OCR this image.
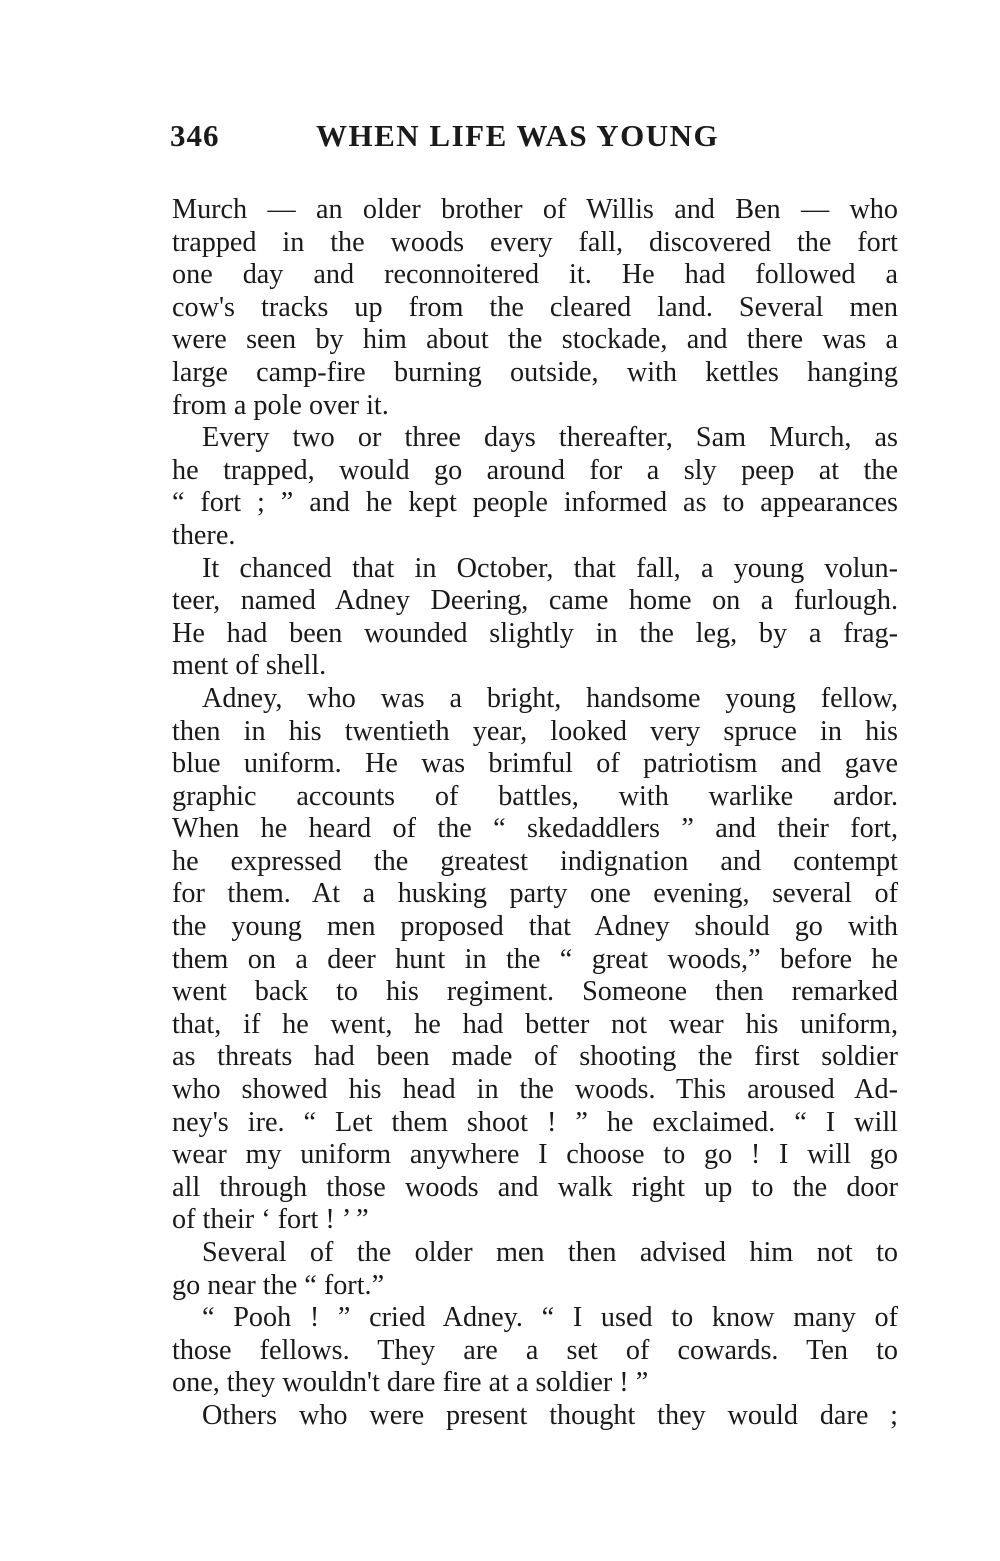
346	WHEN LIFE WAS YOUNG
Murch — an older brother of Willis and Ben — who
trapped in the woods every fall, discovered the fort
one day and reconnoitered it. He had followed a
cow's tracks up from the cleared land. Several men
were seen by him about the stockade, and there was a
large camp-fire burning outside, with kettles hanging
from a pole over it.
Every two or three days thereafter, Sam Murch, as
he trapped, would go around for a sly peep at the
“ fort ; ” and he kept people informed as to appearances
there.
It chanced that in October, that fall, a young volun-
teer, named Adney Deering, came home on a furlough.
He had been wounded slightly in the leg, by a frag-
ment of shell.
Adney, who was a bright, handsome young fellow,
then in his twentieth year, looked very spruce in his
blue uniform. He was brimful of patriotism and gave
graphic accounts of battles, with warlike ardor.
When he heard of the “ skedaddlers ” and their fort,
he expressed the greatest indignation and contempt
for them. At a husking party one evening, several of
the young men proposed that Adney should go with
them on a deer hunt in the “ great woods,” before he
went back to his regiment. Someone then remarked
that, if he went, he had better not wear his uniform,
as threats had been made of shooting the first soldier
who showed his head in the woods. This aroused Ad-
ney's ire. “ Let them shoot ! ” he exclaimed. “ I will
wear my uniform anywhere I choose to go ! I will go
all through those woods and walk right up to the door
of their ‘ fort ! ’ ”
Several of the older men then advised him not to
go near the “ fort.”
“ Pooh ! ” cried Adney. “ I used to know many of
those fellows. They are a set of cowards. Ten to
one, they wouldn't dare fire at a soldier ! ”
Others who were present thought they would dare ;
